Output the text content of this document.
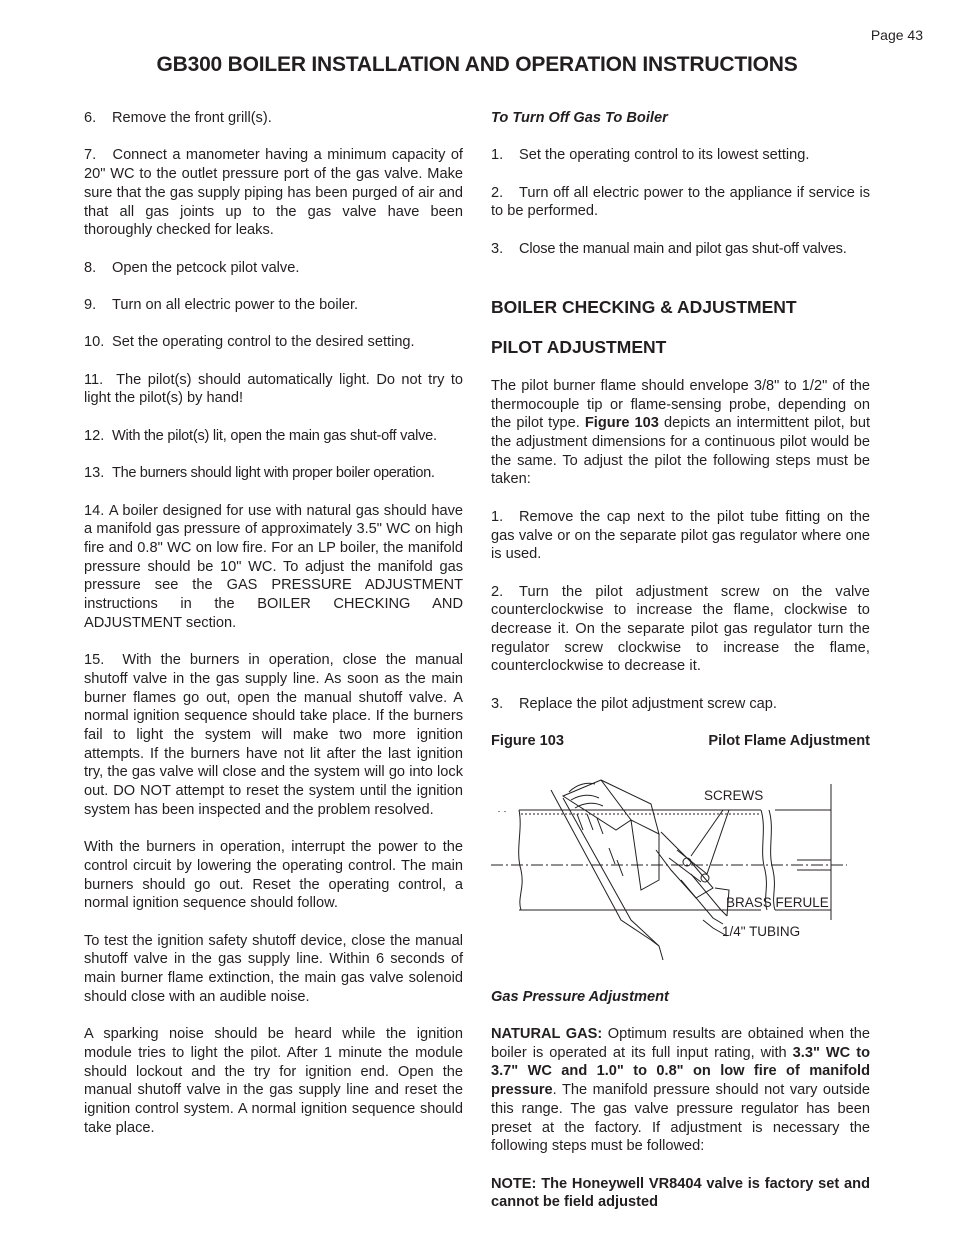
Page 43
GB300 BOILER INSTALLATION AND OPERATION INSTRUCTIONS

6. Remove the front grill(s).

7. Connect a manometer having a minimum capacity of 20" WC to the outlet pressure port of the gas valve. Make sure that the gas supply piping has been purged of air and that all gas joints up to the gas valve have been thoroughly checked for leaks.

8. Open the petcock pilot valve.

9. Turn on all electric power to the boiler.

10. Set the operating control to the desired setting.

11. The pilot(s) should automatically light. Do not try to light the pilot(s) by hand!

12. With the pilot(s) lit, open the main gas shut-off valve.

13. The burners should light with proper boiler operation.

14. A boiler designed for use with natural gas should have a manifold gas pressure of approximately 3.5" WC on high fire and 0.8" WC on low fire. For an LP boiler, the manifold pressure should be 10" WC. To adjust the manifold gas pressure see the GAS PRESSURE ADJUSTMENT instructions in the BOILER CHECKING AND ADJUSTMENT section.

15. With the burners in operation, close the manual shutoff valve in the gas supply line. As soon as the main burner flames go out, open the manual shutoff valve. A normal ignition sequence should take place. If the burners fail to light the system will make two more ignition attempts. If the burners have not lit after the last ignition try, the gas valve will close and the system will go into lock out. DO NOT attempt to reset the system until the ignition system has been inspected and the problem resolved.

With the burners in operation, interrupt the power to the control circuit by lowering the operating control. The main burners should go out. Reset the operating control, a normal ignition sequence should follow.

To test the ignition safety shutoff device, close the manual shutoff valve in the gas supply line. Within 6 seconds of main burner flame extinction, the main gas valve solenoid should close with an audible noise.

A sparking noise should be heard while the ignition module tries to light the pilot. After 1 minute the module should lockout and the try for ignition end. Open the manual shutoff valve in the gas supply line and reset the ignition control system. A normal ignition sequence should take place.

To Turn Off Gas To Boiler

1. Set the operating control to its lowest setting.

2. Turn off all electric power to the appliance if service is to be performed.

3. Close the manual main and pilot gas shut-off valves.

BOILER CHECKING & ADJUSTMENT

PILOT ADJUSTMENT

The pilot burner flame should envelope 3/8" to 1/2" of the thermocouple tip or flame-sensing probe, depending on the pilot type. Figure 103 depicts an intermittent pilot, but the adjustment dimensions for a continuous pilot would be the same. To adjust the pilot the following steps must be taken:

1. Remove the cap next to the pilot tube fitting on the gas valve or on the separate pilot gas regulator where one is used.

2. Turn the pilot adjustment screw on the valve counterclockwise to increase the flame, clockwise to decrease it. On the separate pilot gas regulator turn the regulator screw clockwise to increase the flame, counterclockwise to decrease it.

3. Replace the pilot adjustment screw cap.

Figure 103	Pilot Flame Adjustment
SCREWS
BRASS FERULE
1/4" TUBING

Gas Pressure Adjustment

NATURAL GAS: Optimum results are obtained when the boiler is operated at its full input rating, with 3.3" WC to 3.7" WC and 1.0" to 0.8" on low fire of manifold pressure. The manifold pressure should not vary outside this range. The gas valve pressure regulator has been preset at the factory. If adjustment is necessary the following steps must be followed:

NOTE: The Honeywell VR8404 valve is factory set and cannot be field adjusted
